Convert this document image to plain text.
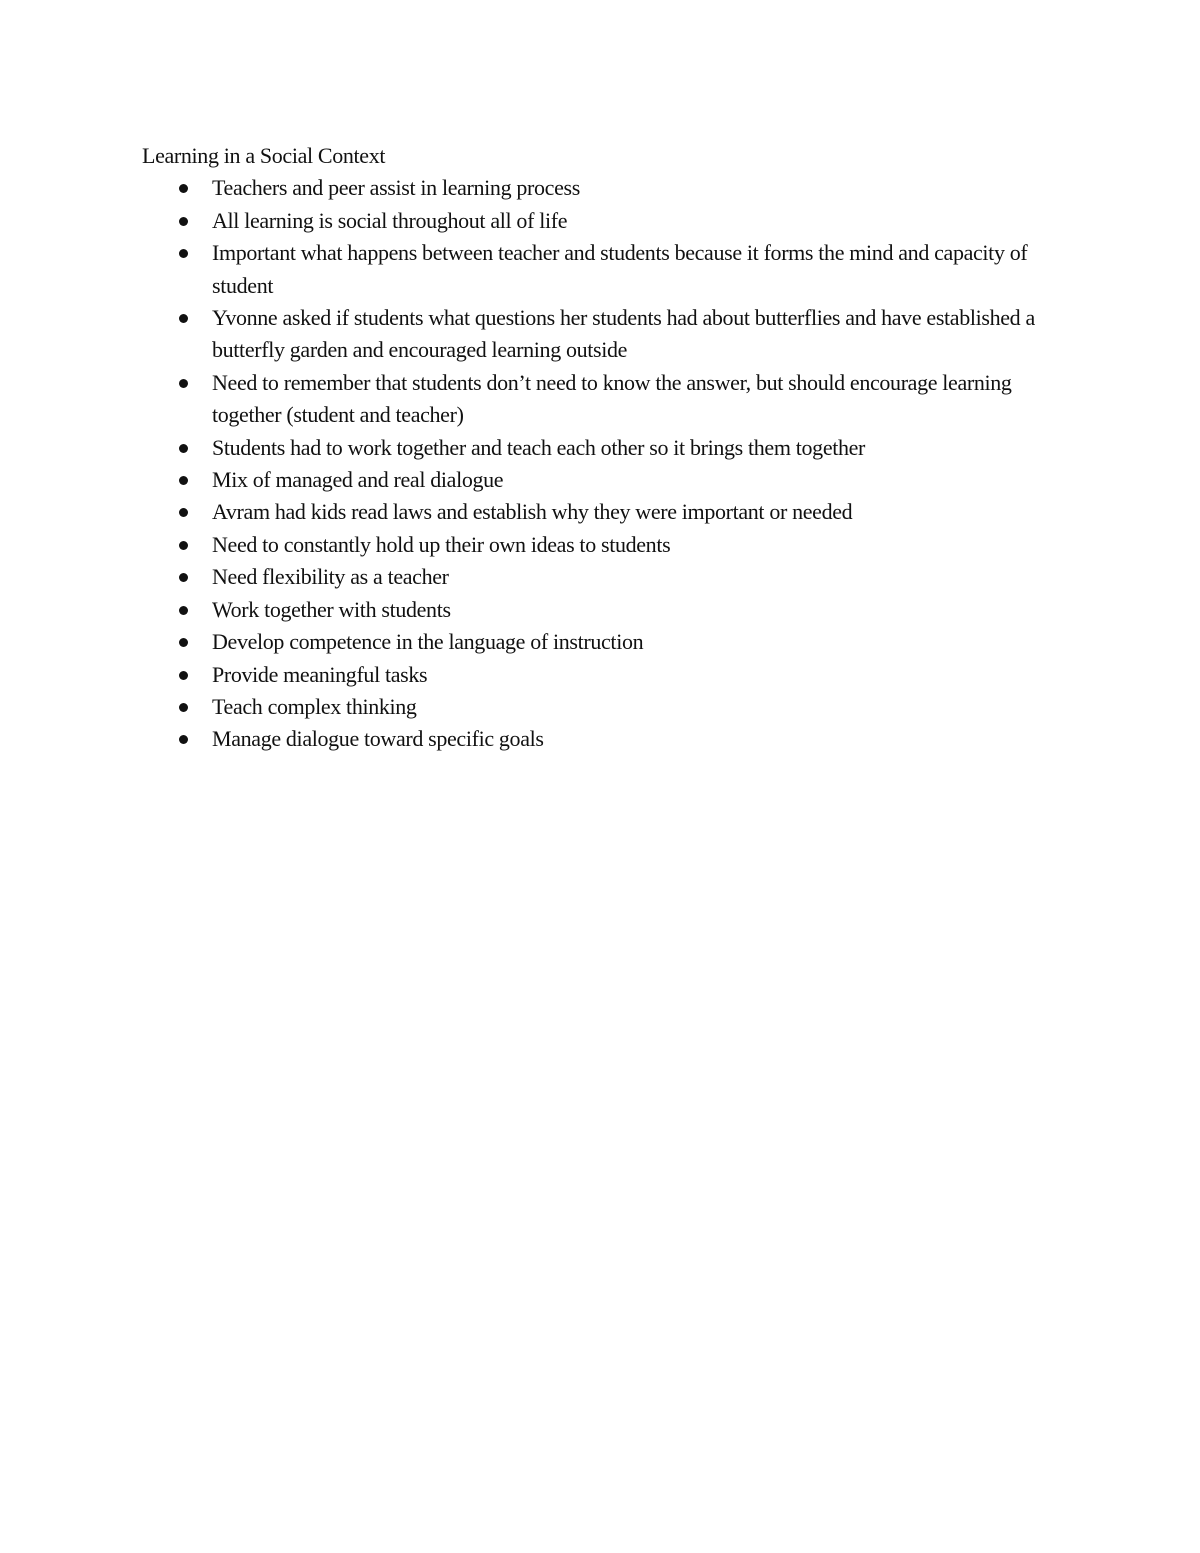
Learning in a Social Context
Teachers and peer assist in learning process
All learning is social throughout all of life
Important what happens between teacher and students because it forms the mind and capacity of student
Yvonne asked if students what questions her students had about butterflies and have established a butterfly garden and encouraged learning outside
Need to remember that students don’t need to know the answer, but should encourage learning together (student and teacher)
Students had to work together and teach each other so it brings them together
Mix of managed and real dialogue
Avram had kids read laws and establish why they were important or needed
Need to constantly hold up their own ideas to students
Need flexibility as a teacher
Work together with students
Develop competence in the language of instruction
Provide meaningful tasks
Teach complex thinking
Manage dialogue toward specific goals
